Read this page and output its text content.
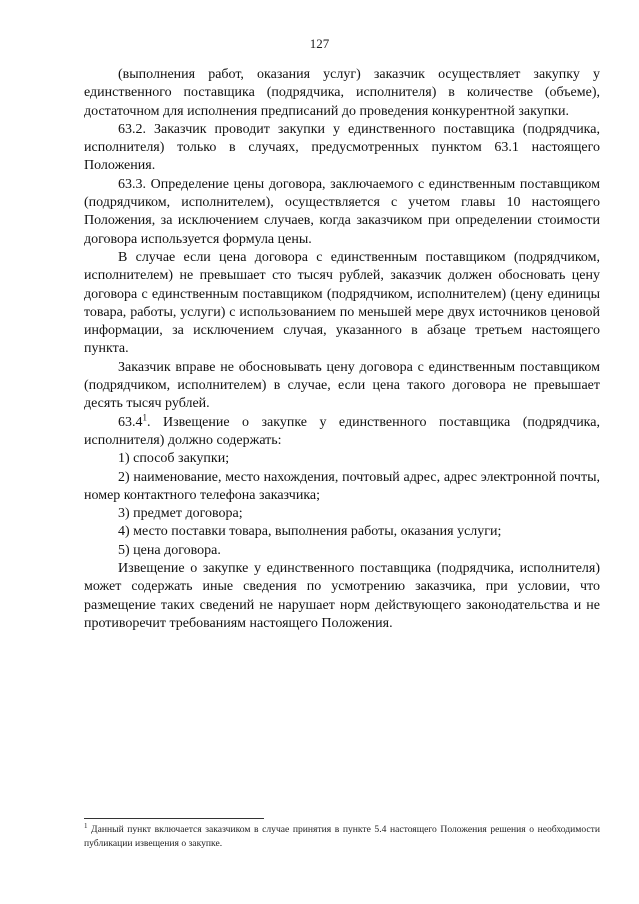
127

(выполнения работ, оказания услуг) заказчик осуществляет закупку у единственного поставщика (подрядчика, исполнителя) в количестве (объеме), достаточном для исполнения предписаний до проведения конкурентной закупки.

63.2. Заказчик проводит закупки у единственного поставщика (подрядчика, исполнителя) только в случаях, предусмотренных пунктом 63.1 настоящего Положения.

63.3. Определение цены договора, заключаемого с единственным поставщиком (подрядчиком, исполнителем), осуществляется с учетом главы 10 настоящего Положения, за исключением случаев, когда заказчиком при определении стоимости договора используется формула цены.

В случае если цена договора с единственным поставщиком (подрядчиком, исполнителем) не превышает сто тысяч рублей, заказчик должен обосновать цену договора с единственным поставщиком (подрядчиком, исполнителем) (цену единицы товара, работы, услуги) с использованием по меньшей мере двух источников ценовой информации, за исключением случая, указанного в абзаце третьем настоящего пункта.

Заказчик вправе не обосновывать цену договора с единственным поставщиком (подрядчиком, исполнителем) в случае, если цена такого договора не превышает десять тысяч рублей.

63.4$^1$. Извещение о закупке у единственного поставщика (подрядчика, исполнителя) должно содержать:

1) способ закупки;

2) наименование, место нахождения, почтовый адрес, адрес электронной почты, номер контактного телефона заказчика;

3) предмет договора;

4) место поставки товара, выполнения работы, оказания услуги;

5) цена договора.

Извещение о закупке у единственного поставщика (подрядчика, исполнителя) может содержать иные сведения по усмотрению заказчика, при условии, что размещение таких сведений не нарушает норм действующего законодательства и не противоречит требованиям настоящего Положения.

$^1$ Данный пункт включается заказчиком в случае принятия в пункте 5.4 настоящего Положения решения о необходимости публикации извещения о закупке.
